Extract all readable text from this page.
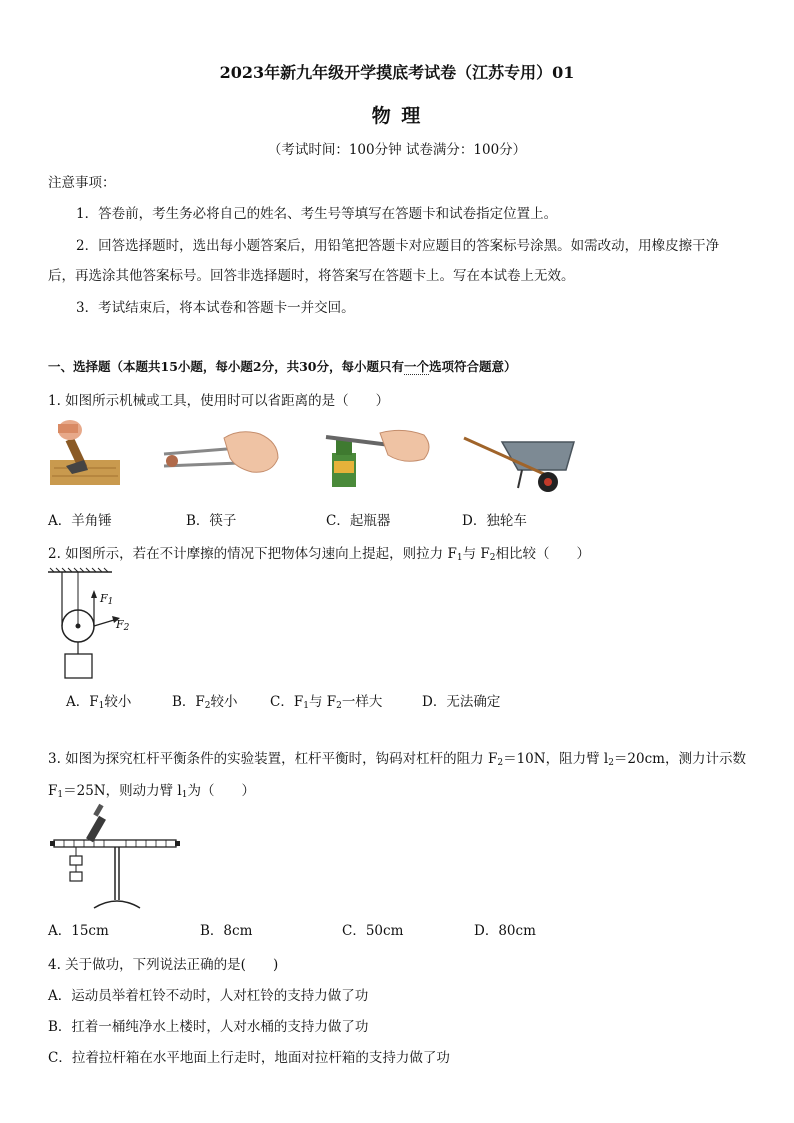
2023年新九年级开学摸底考试卷（江苏专用）01
物 理
（考试时间：100分钟 试卷满分：100分）
注意事项：
1．答卷前，考生务必将自己的姓名、考生号等填写在答题卡和试卷指定位置上。
2．回答选择题时，选出每小题答案后，用铅笔把答题卡对应题目的答案标号涂黑。如需改动，用橡皮擦干净
后，再选涂其他答案标号。回答非选择题时，将答案写在答题卡上。写在本试卷上无效。
3．考试结束后，将本试卷和答题卡一并交回。
一、选择题（本题共15小题，每小题2分，共30分，每小题只有一个选项符合题意）
1. 如图所示机械或工具，使用时可以省距离的是（　　）
A．羊角锤	B．筷子	C．起瓶器	D．独轮车
2. 如图所示，若在不计摩擦的情况下把物体匀速向上提起，则拉力 $F_1$与 $F_2$相比较（　　）
$F_1$
$F_2$
A．$F_1$较小	B．$F_2$较小 C．$F_1$与 $F_2$一样大	D．无法确定
3. 如图为探究杠杆平衡条件的实验装置，杠杆平衡时，钩码对杠杆的阻力 $F_2=10N$，阻力臂 $l_2=20cm$，测力计示数
$F_1=25N$，则动力臂 $l_1$为（　　）
A．15cm	B．8cm	C．50cm	D．80cm
4. 关于做功，下列说法正确的是(　　)
A．运动员举着杠铃不动时，人对杠铃的支持力做了功
B．扛着一桶纯净水上楼时，人对水桶的支持力做了功
C．拉着拉杆箱在水平地面上行走时，地面对拉杆箱的支持力做了功
